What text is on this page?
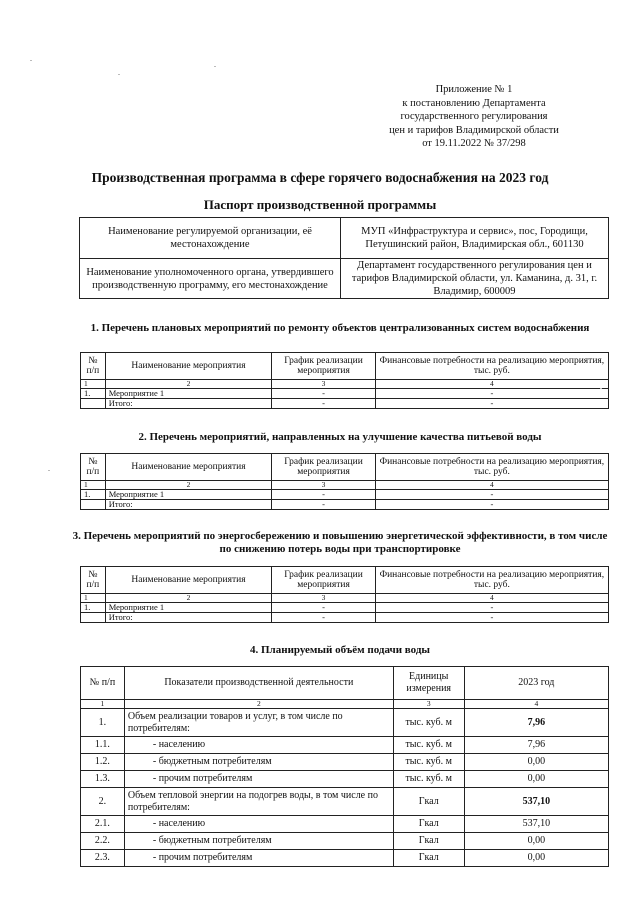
Приложение № 1
к постановлению Департамента
государственного регулирования
цен и тарифов Владимирской области
от 19.11.2022 № 37/298
Производственная программа в сфере горячего водоснабжения на 2023 год
Паспорт производственной программы
Наименование регулируемой организации, её местонахождение	МУП «Инфраструктура и сервис», пос, Городищи, Петушинский район, Владимирская обл., 601130
Наименование уполномоченного органа, утвердившего производственную программу, его местонахождение	Департамент государственного регулирования цен и тарифов Владимирской области, ул. Каманина, д. 31, г. Владимир, 600009
1. Перечень плановых мероприятий по ремонту объектов централизованных систем водоснабжения
№ п/п	Наименование мероприятия	График реализации мероприятия	Финансовые потребности на реализацию мероприятия, тыс. руб.
1	2	3	4
1.	Мероприятие 1	-	-
	Итого:	-	-
2. Перечень мероприятий, направленных на улучшение качества питьевой воды
№ п/п	Наименование мероприятия	График реализации мероприятия	Финансовые потребности на реализацию мероприятия, тыс. руб.
1	2	3	4
1.	Мероприятие 1	-	-
	Итого:	-	-
3. Перечень мероприятий по энергосбережению и повышению энергетической эффективности, в том числе по снижению потерь воды при транспортировке
№ п/п	Наименование мероприятия	График реализации мероприятия	Финансовые потребности на реализацию мероприятия, тыс. руб.
1	2	3	4
1.	Мероприятие 1	-	-
	Итого:	-	-
4. Планируемый объём подачи воды
№ п/п	Показатели производственной деятельности	Единицы измерения	2023 год
1	2	3	4
1.	Объем реализации товаров и услуг, в том числе по потребителям:	тыс. куб. м	7,96
1.1.	- населению	тыс. куб. м	7,96
1.2.	- бюджетным потребителям	тыс. куб. м	0,00
1.3.	- прочим потребителям	тыс. куб. м	0,00
2.	Объем тепловой энергии на подогрев воды, в том числе по потребителям:	Гкал	537,10
2.1.	- населению	Гкал	537,10
2.2.	- бюджетным потребителям	Гкал	0,00
2.3.	- прочим потребителям	Гкал	0,00
